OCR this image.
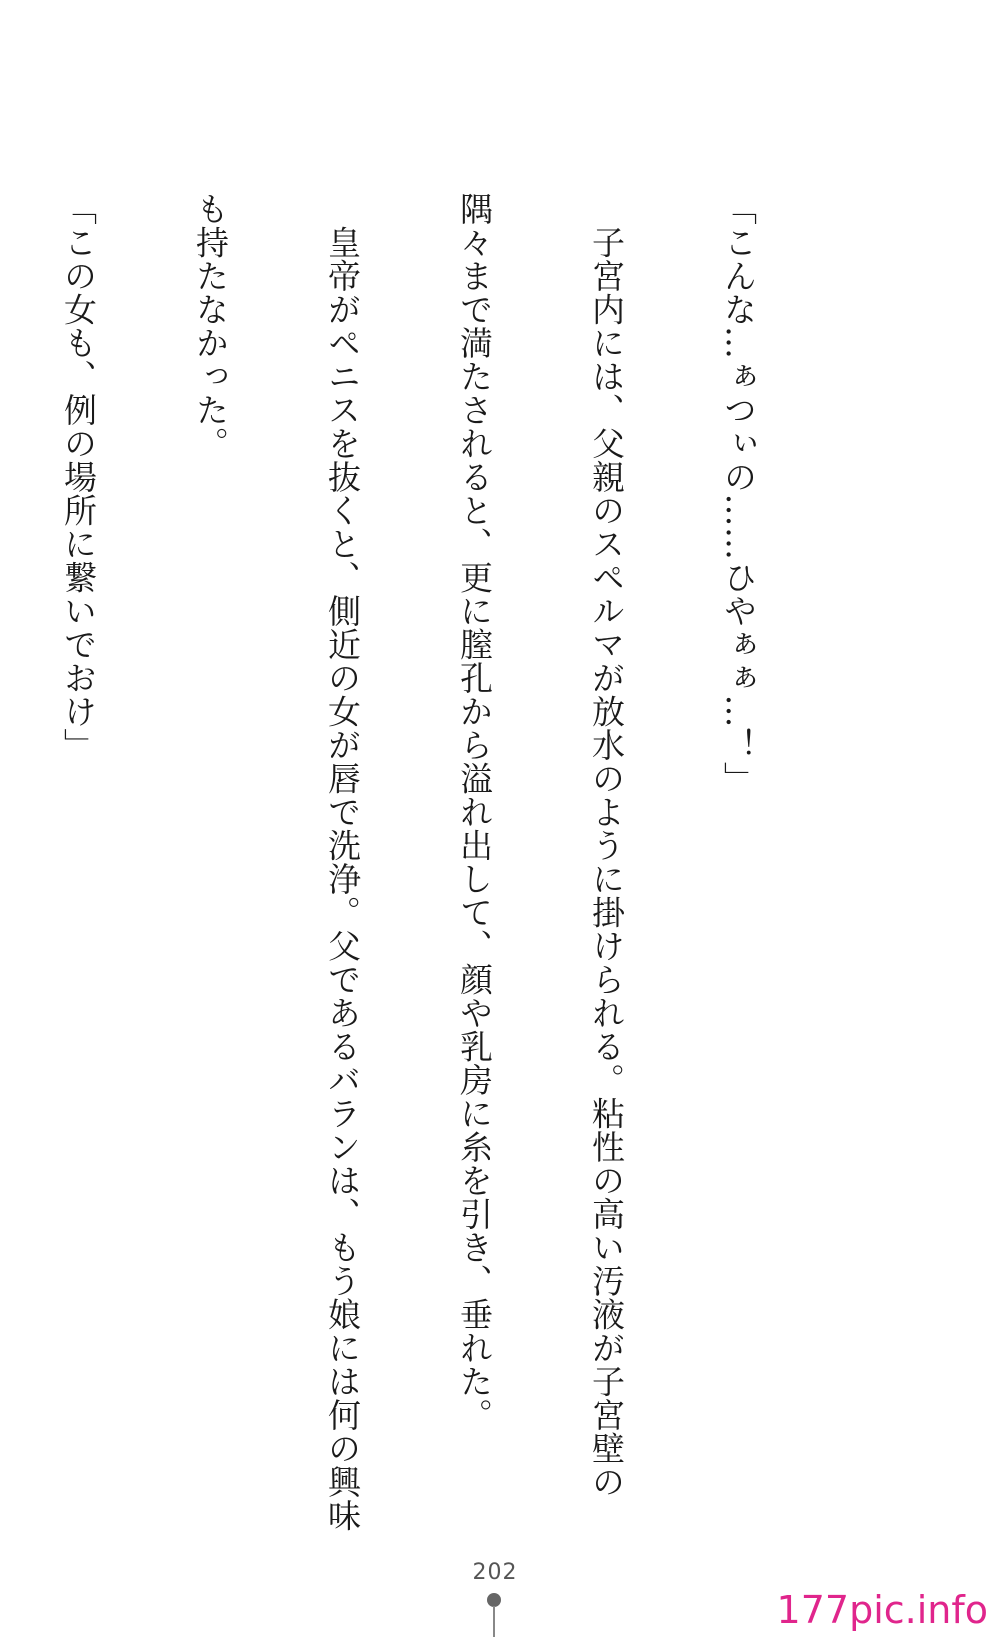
「こんな…ぁつぃの……ひやぁぁ…！」

　子宮内には、父親のスペルマが放水のように掛けられる。粘性の高い汚液が子宮壁の

隅々まで満たされると、更に膣孔から溢れ出して、顔や乳房に糸を引き、垂れた。

　皇帝がペニスを抜くと、側近の女が唇で洗浄。父であるバランは、もう娘には何の興味

も持たなかった。

「この女も、例の場所に繋いでおけ」

202
177pic.info
